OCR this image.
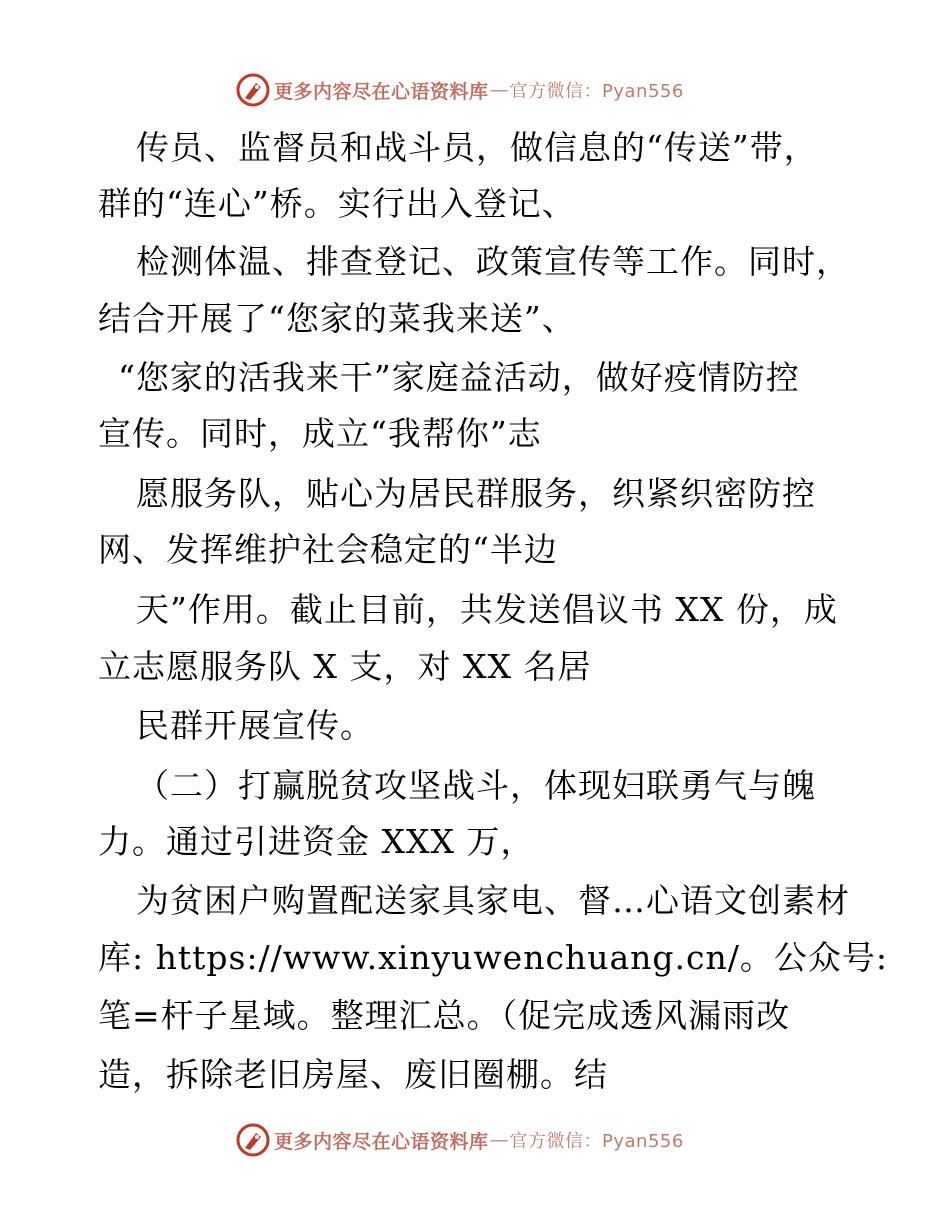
更多内容尽在心语资料库 — 官方微信：Pyan556
传员、监督员和战斗员，做信息的“传送”带，
群的“连心”桥。实行出入登记、
检测体温、排查登记、政策宣传等工作。同时，
结合开展了“您家的菜我来送”、
“您家的活我来干”家庭益活动，做好疫情防控
宣传。同时，成立“我帮你”志
愿服务队，贴心为居民群服务，织紧织密防控
网、发挥维护社会稳定的“半边
天”作用。截止目前，共发送倡议书 XX 份，成
立志愿服务队 X 支，对 XX 名居
民群开展宣传。
（二）打赢脱贫攻坚战斗，体现妇联勇气与魄
力。通过引进资金 XXX 万，
为贫困户购置配送家具家电、督…心语文创素材
库: https://www.xinyuwenchuang.cn/。公众号:
笔=杆子星域。整理汇总。（促完成透风漏雨改
造，拆除老旧房屋、废旧圈棚。结
更多内容尽在心语资料库 — 官方微信：Pyan556
